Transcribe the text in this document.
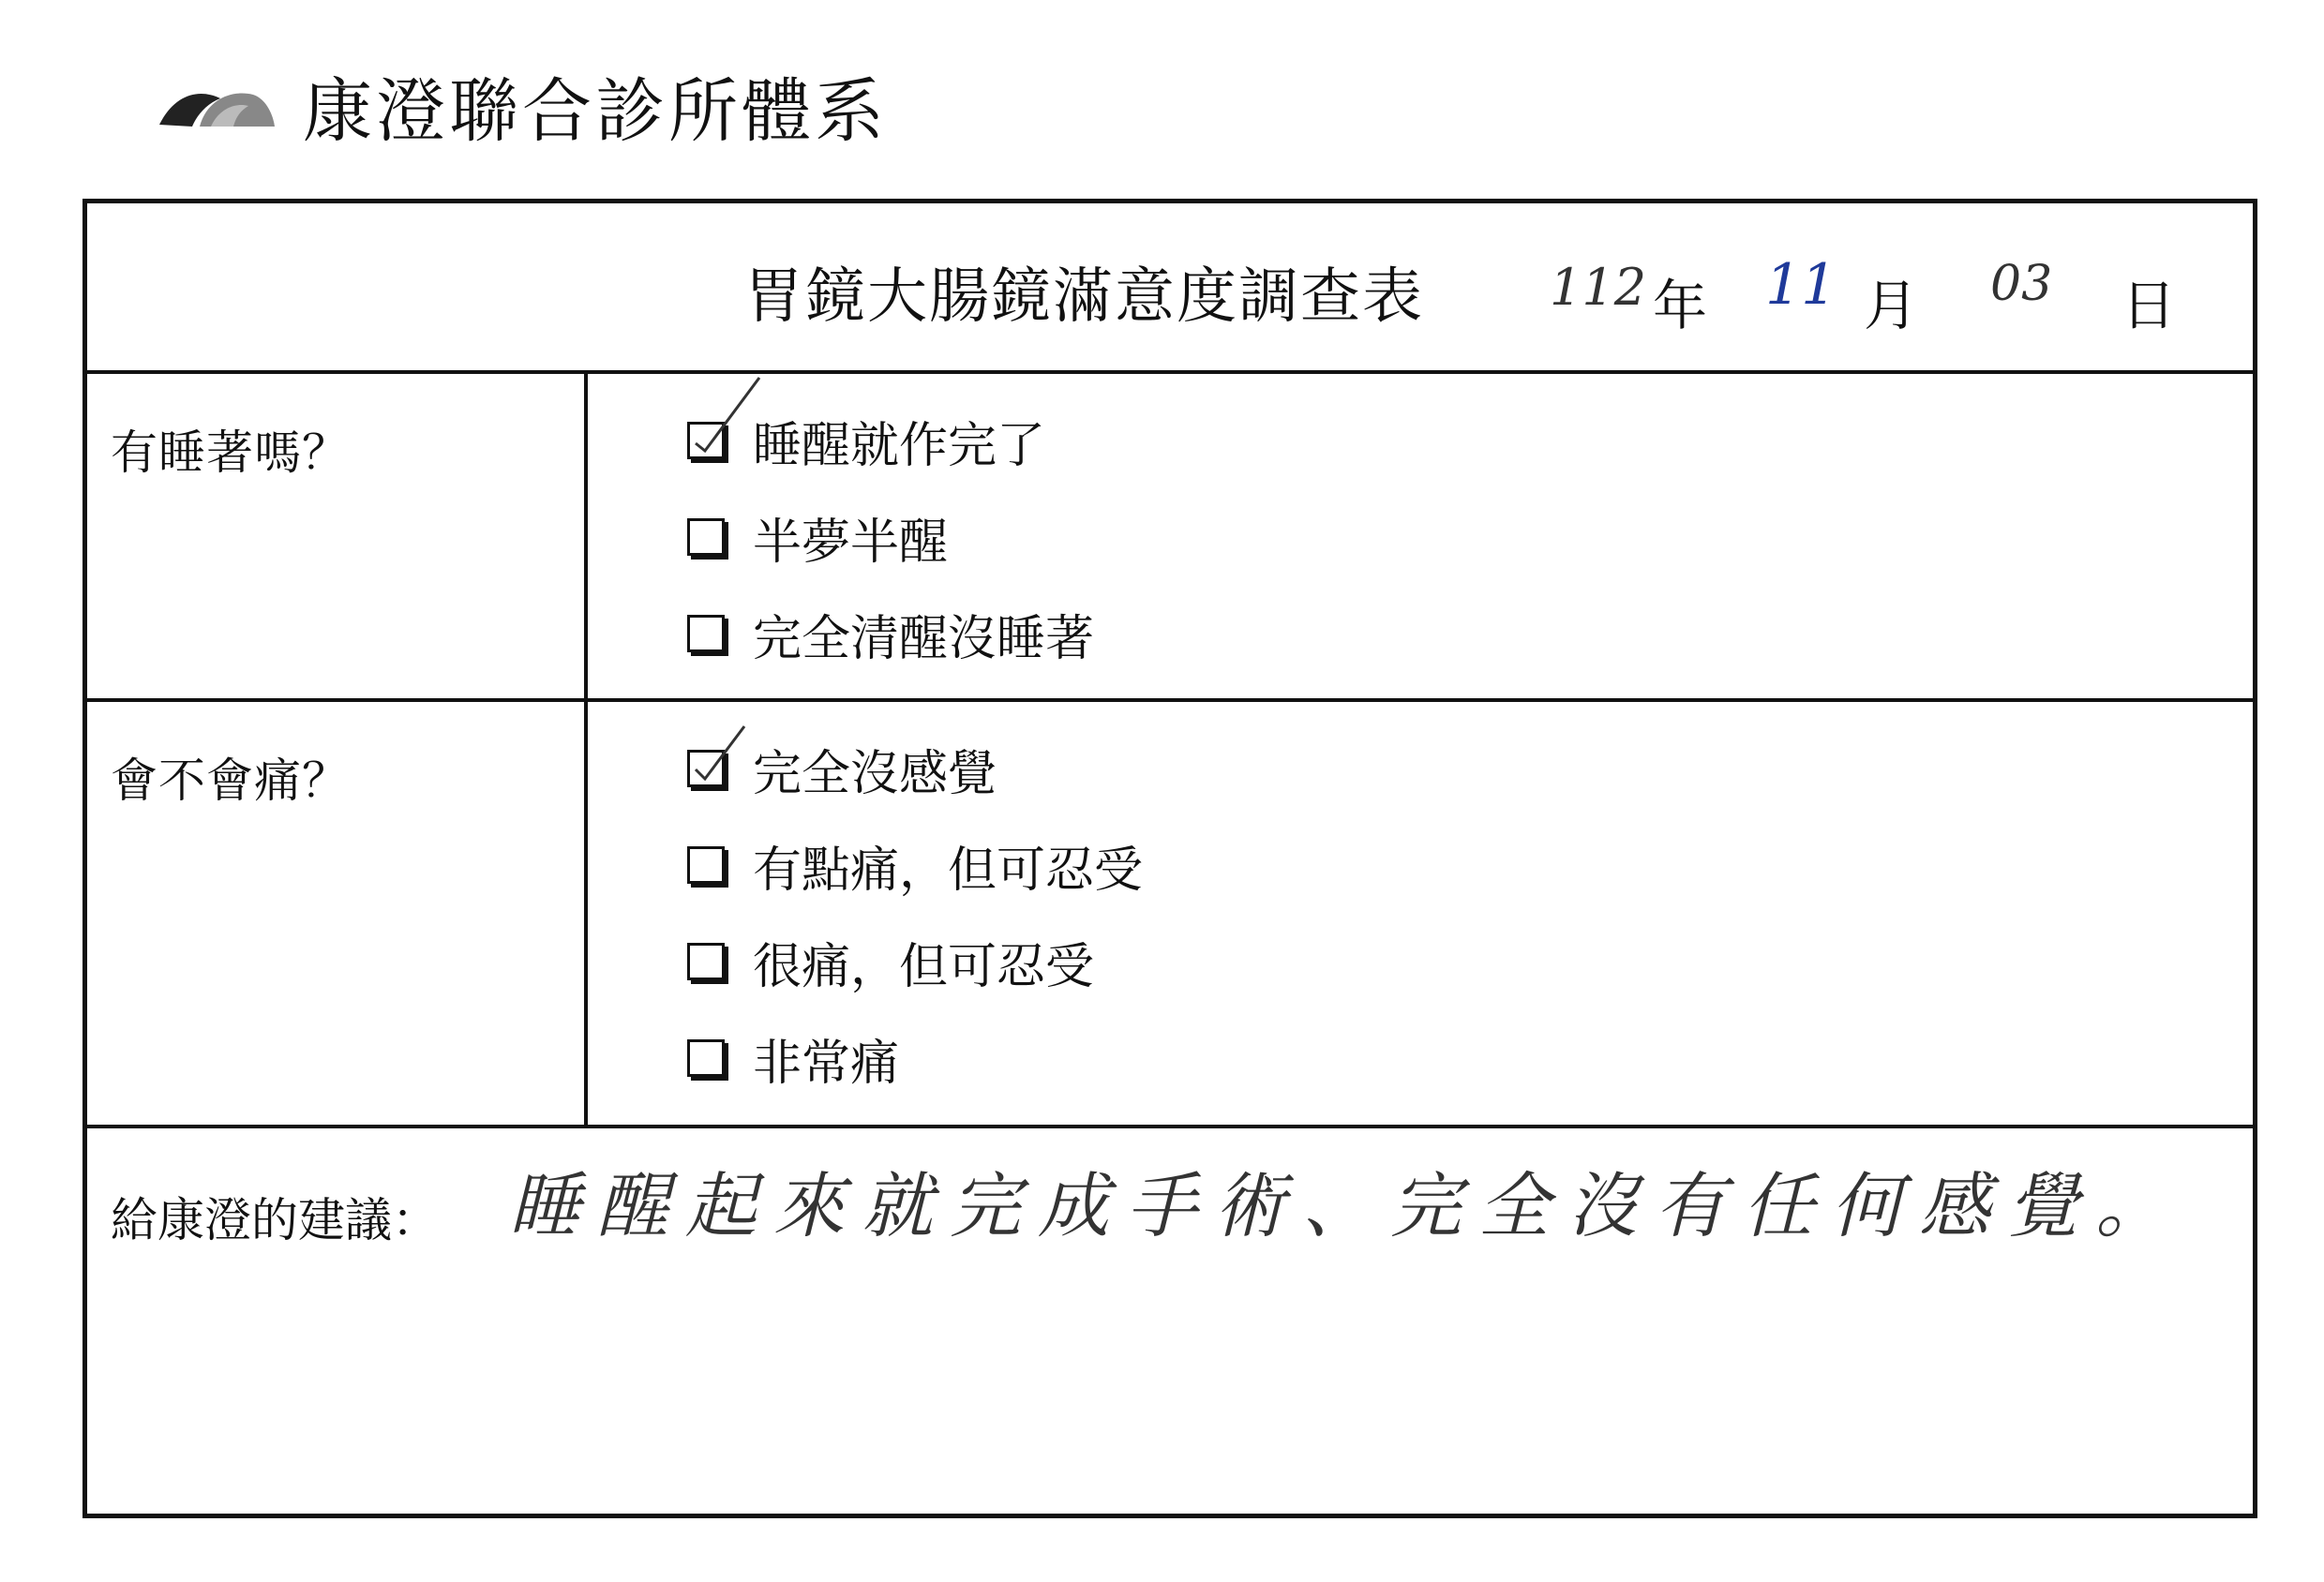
康澄聯合診所體系
胃鏡大腸鏡滿意度調查表 112 年 11 月 03 日
有睡著嗎？	睡醒就作完了
半夢半醒
完全清醒沒睡著
會不會痛？	完全沒感覺
有點痛，但可忍受
很痛，但可忍受
非常痛
給康澄的建議： 睡醒起來就完成手術、完全沒有任何感覺。
